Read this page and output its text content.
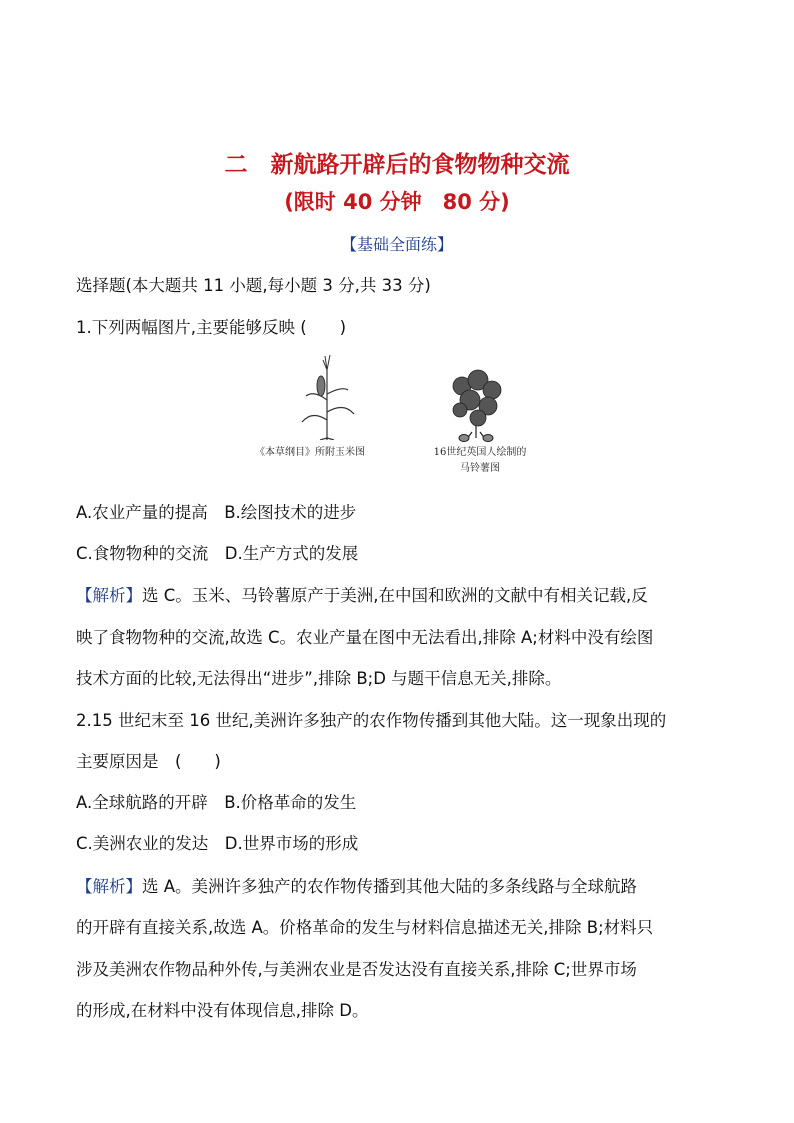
二　新航路开辟后的食物物种交流
(限时 40 分钟　80 分)
【基础全面练】
选择题(本大题共 11 小题,每小题 3 分,共 33 分)
1.下列两幅图片,主要能够反映 (　　)
《本草纲目》所附玉米图	16世纪英国人绘制的
马铃薯图
A.农业产量的提高　B.绘图技术的进步
C.食物物种的交流　D.生产方式的发展
【解析】选 C。玉米、马铃薯原产于美洲,在中国和欧洲的文献中有相关记载,反
映了食物物种的交流,故选 C。农业产量在图中无法看出,排除 A;材料中没有绘图
技术方面的比较,无法得出“进步”,排除 B;D 与题干信息无关,排除。
2.15 世纪末至 16 世纪,美洲许多独产的农作物传播到其他大陆。这一现象出现的
主要原因是　(　　)
A.全球航路的开辟　B.价格革命的发生
C.美洲农业的发达　D.世界市场的形成
【解析】选 A。美洲许多独产的农作物传播到其他大陆的多条线路与全球航路
的开辟有直接关系,故选 A。价格革命的发生与材料信息描述无关,排除 B;材料只
涉及美洲农作物品种外传,与美洲农业是否发达没有直接关系,排除 C;世界市场
的形成,在材料中没有体现信息,排除 D。
